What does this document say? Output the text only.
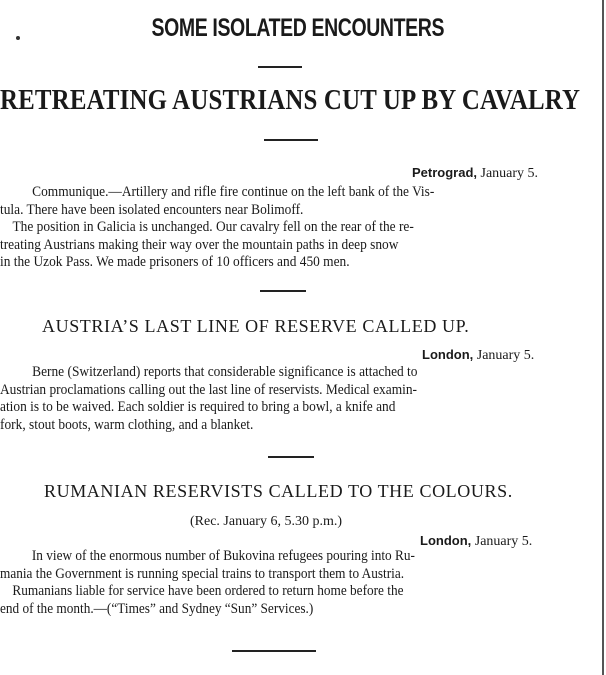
SOME ISOLATED ENCOUNTERS
RETREATING AUSTRIANS CUT UP BY CAVALRY
Petrograd, January 5.
Communique.—Artillery and rifle fire continue on the left bank of the Vis-
tula. There have been isolated encounters near Bolimoff.
The position in Galicia is unchanged. Our cavalry fell on the rear of the re-
treating Austrians making their way over the mountain paths in deep snow
in the Uzok Pass. We made prisoners of 10 officers and 450 men.
AUSTRIA’S LAST LINE OF RESERVE CALLED UP.
London, January 5.
Berne (Switzerland) reports that considerable significance is attached to
Austrian proclamations calling out the last line of reservists. Medical examin-
ation is to be waived. Each soldier is required to bring a bowl, a knife and
fork, stout boots, warm clothing, and a blanket.
RUMANIAN RESERVISTS CALLED TO THE COLOURS.
(Rec. January 6, 5.30 p.m.)
London, January 5.
In view of the enormous number of Bukovina refugees pouring into Ru-
mania the Government is running special trains to transport them to Austria.
Rumanians liable for service have been ordered to return home before the
end of the month.—(“Times” and Sydney “Sun” Services.)
